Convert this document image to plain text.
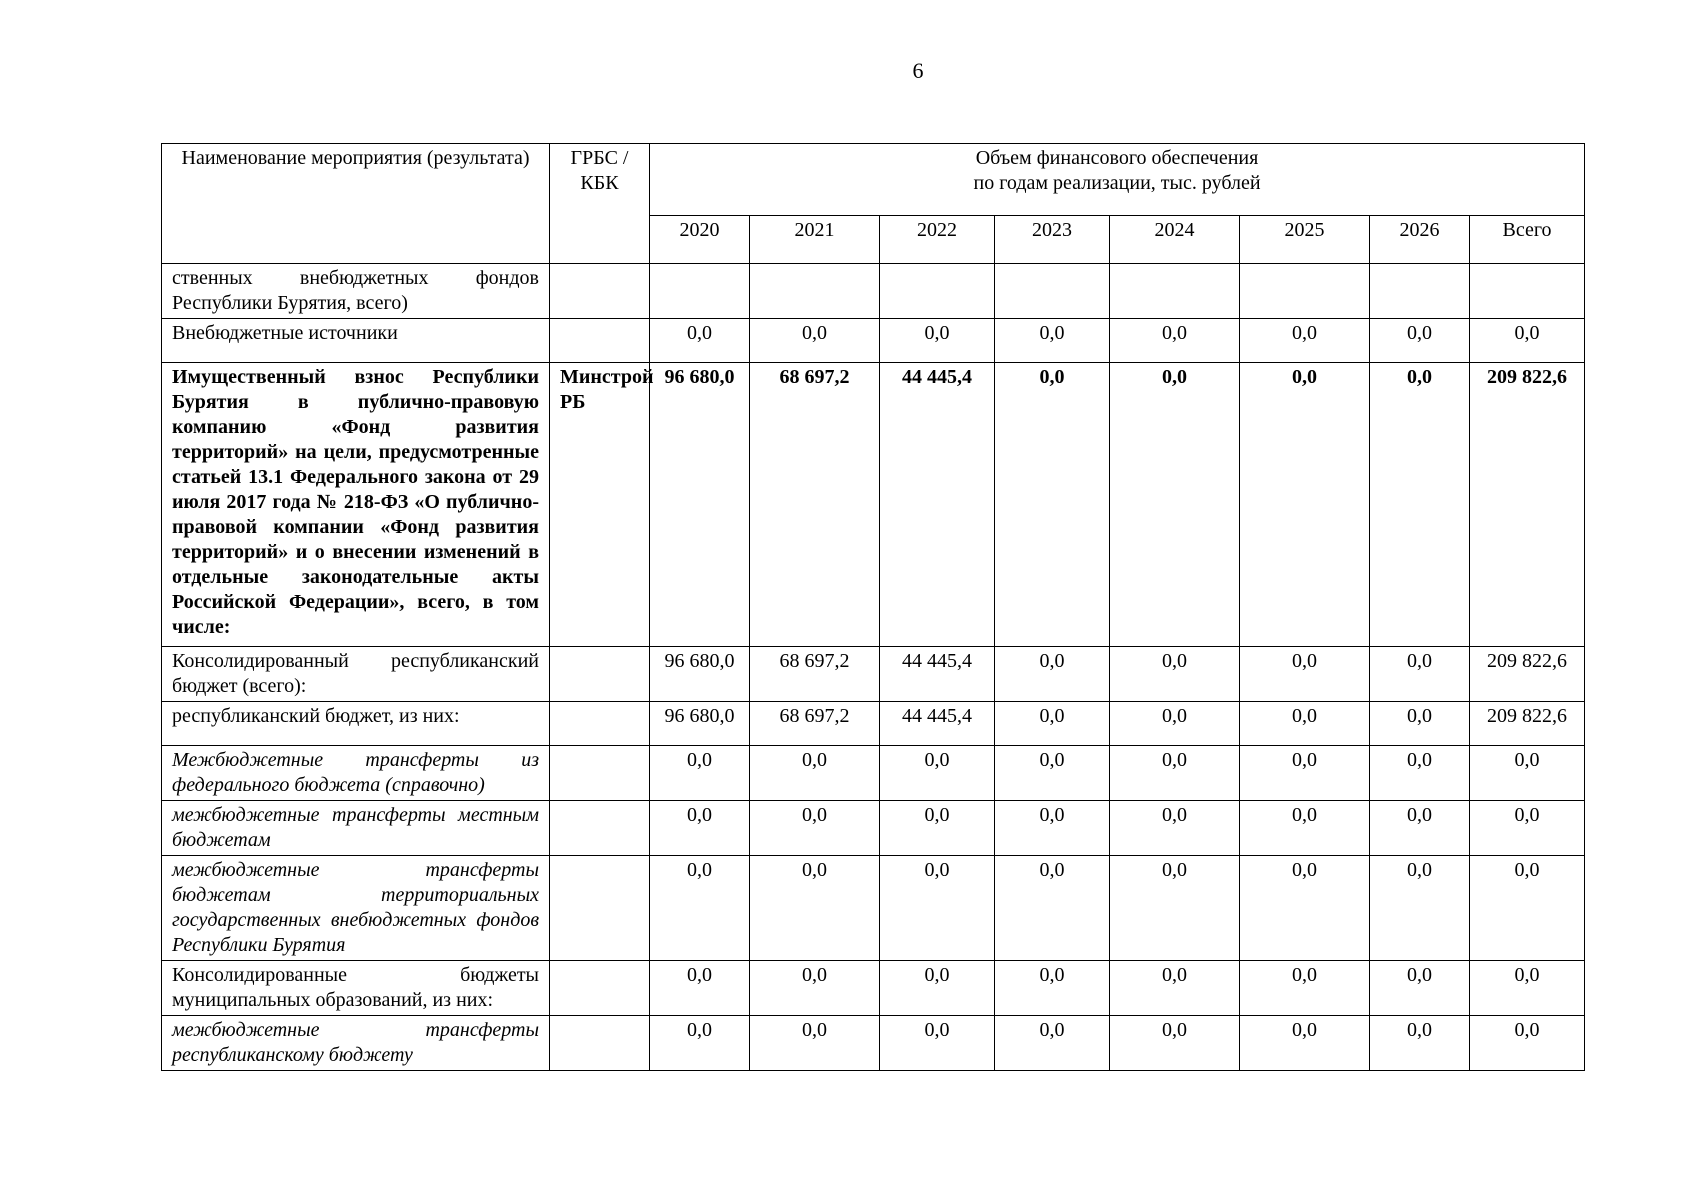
6
Наименование мероприятия (результата)	ГРБС / КБК	Объем финансового обеспечения
по годам реализации, тыс. рублей							
		2020	2021	2022	2023	2024	2025	2026	Всего
ственных внебюджетных фондов Республики Бурятия, всего)									
Внебюджетные источники		0,0	0,0	0,0	0,0	0,0	0,0	0,0	0,0
Имущественный взнос Республики Бурятия в публично-правовую компанию «Фонд развития территорий» на цели, предусмотренные статьей 13.1 Федерального закона от 29 июля 2017 года № 218-ФЗ «О публично-правовой компании «Фонд развития территорий» и о внесении изменений в отдельные законодательные акты Российской Федерации», всего, в том числе:	Минстрой РБ	96 680,0	68 697,2	44 445,4	0,0	0,0	0,0	0,0	209 822,6
Консолидированный республиканский бюджет (всего):		96 680,0	68 697,2	44 445,4	0,0	0,0	0,0	0,0	209 822,6
республиканский бюджет, из них:		96 680,0	68 697,2	44 445,4	0,0	0,0	0,0	0,0	209 822,6
Межбюджетные трансферты из федерального бюджета (справочно)		0,0	0,0	0,0	0,0	0,0	0,0	0,0	0,0
межбюджетные трансферты местным бюджетам		0,0	0,0	0,0	0,0	0,0	0,0	0,0	0,0
межбюджетные трансферты бюджетам территориальных государственных внебюджетных фондов Республики Бурятия		0,0	0,0	0,0	0,0	0,0	0,0	0,0	0,0
Консолидированные бюджеты муниципальных образований, из них:		0,0	0,0	0,0	0,0	0,0	0,0	0,0	0,0
межбюджетные трансферты республиканскому бюджету		0,0	0,0	0,0	0,0	0,0	0,0	0,0	0,0
